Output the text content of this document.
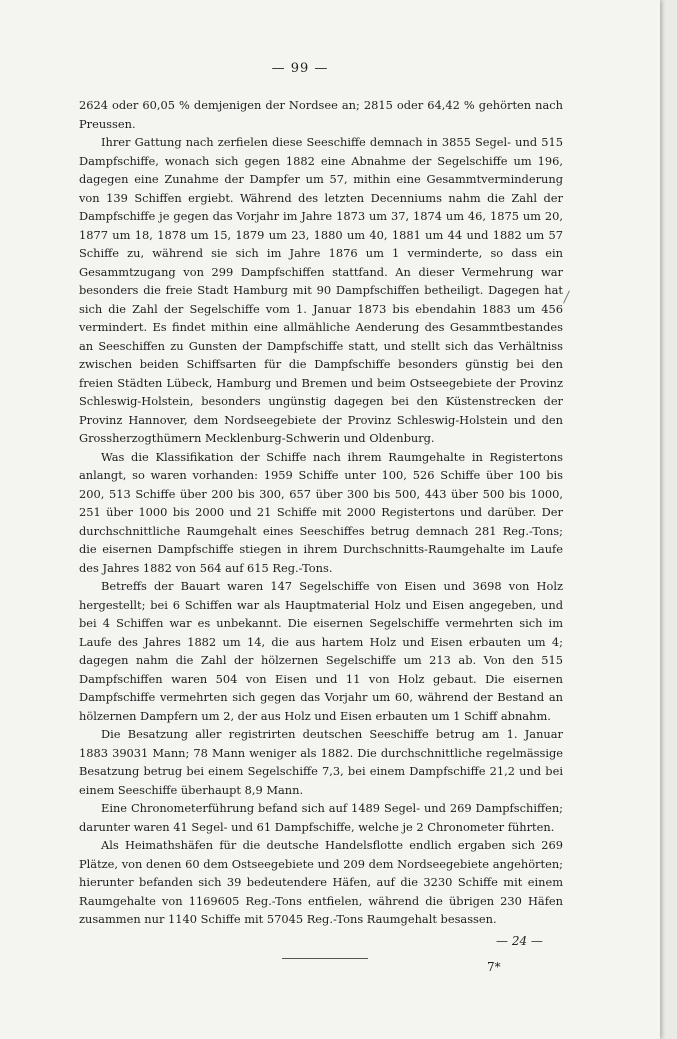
— 99 —

2624 oder 60,05 % demjenigen der Nordsee an; 2815 oder 64,42 % gehörten nach Preussen.

Ihrer Gattung nach zerfielen diese Seeschiffe demnach in 3855 Segel- und 515 Dampfschiffe, wonach sich gegen 1882 eine Abnahme der Segelschiffe um 196, dagegen eine Zunahme der Dampfer um 57, mithin eine Gesammtverminderung von 139 Schiffen ergiebt. Während des letzten Decenniums nahm die Zahl der Dampfschiffe je gegen das Vorjahr im Jahre 1873 um 37, 1874 um 46, 1875 um 20, 1877 um 18, 1878 um 15, 1879 um 23, 1880 um 40, 1881 um 44 und 1882 um 57 Schiffe zu, während sie sich im Jahre 1876 um 1 verminderte, so dass ein Gesammtzugang von 299 Dampfschiffen stattfand. An dieser Vermehrung war besonders die freie Stadt Hamburg mit 90 Dampfschiffen betheiligt. Dagegen hat sich die Zahl der Segelschiffe vom 1. Januar 1873 bis ebendahin 1883 um 456 vermindert. Es findet mithin eine allmähliche Aenderung des Gesammtbestandes an Seeschiffen zu Gunsten der Dampfschiffe statt, und stellt sich das Verhältniss zwischen beiden Schiffsarten für die Dampfschiffe besonders günstig bei den freien Städten Lübeck, Hamburg und Bremen und beim Ostseegebiete der Provinz Schleswig-Holstein, besonders ungünstig dagegen bei den Küstenstrecken der Provinz Hannover, dem Nordseegebiete der Provinz Schleswig-Holstein und den Grossherzogthümern Mecklenburg-Schwerin und Oldenburg.

Was die Klassifikation der Schiffe nach ihrem Raumgehalte in Registertons anlangt, so waren vorhanden: 1959 Schiffe unter 100, 526 Schiffe über 100 bis 200, 513 Schiffe über 200 bis 300, 657 über 300 bis 500, 443 über 500 bis 1000, 251 über 1000 bis 2000 und 21 Schiffe mit 2000 Registertons und darüber. Der durchschnittliche Raumgehalt eines Seeschiffes betrug demnach 281 Reg.-Tons; die eisernen Dampfschiffe stiegen in ihrem Durchschnitts-Raumgehalte im Laufe des Jahres 1882 von 564 auf 615 Reg.-Tons.

Betreffs der Bauart waren 147 Segelschiffe von Eisen und 3698 von Holz hergestellt; bei 6 Schiffen war als Hauptmaterial Holz und Eisen angegeben, und bei 4 Schiffen war es unbekannt. Die eisernen Segelschiffe vermehrten sich im Laufe des Jahres 1882 um 14, die aus hartem Holz und Eisen erbauten um 4; dagegen nahm die Zahl der hölzernen Segelschiffe um 213 ab. Von den 515 Dampfschiffen waren 504 von Eisen und 11 von Holz gebaut. Die eisernen Dampfschiffe vermehrten sich gegen das Vorjahr um 60, während der Bestand an hölzernen Dampfern um 2, der aus Holz und Eisen erbauten um 1 Schiff abnahm.

Die Besatzung aller registrirten deutschen Seeschiffe betrug am 1. Januar 1883 39031 Mann; 78 Mann weniger als 1882. Die durchschnittliche regelmässige Besatzung betrug bei einem Segelschiffe 7,3, bei einem Dampfschiffe 21,2 und bei einem Seeschiffe überhaupt 8,9 Mann.

Eine Chronometerführung befand sich auf 1489 Segel- und 269 Dampfschiffen; darunter waren 41 Segel- und 61 Dampfschiffe, welche je 2 Chronometer führten.

Als Heimathshäfen für die deutsche Handelsflotte endlich ergaben sich 269 Plätze, von denen 60 dem Ostseegebiete und 209 dem Nordseegebiete angehörten; hierunter befanden sich 39 bedeutendere Häfen, auf die 3230 Schiffe mit einem Raumgehalte von 1169605 Reg.-Tons entfielen, während die übrigen 230 Häfen zusammen nur 1140 Schiffe mit 57045 Reg.-Tons Raumgehalt besassen.

— 24 —
7*
